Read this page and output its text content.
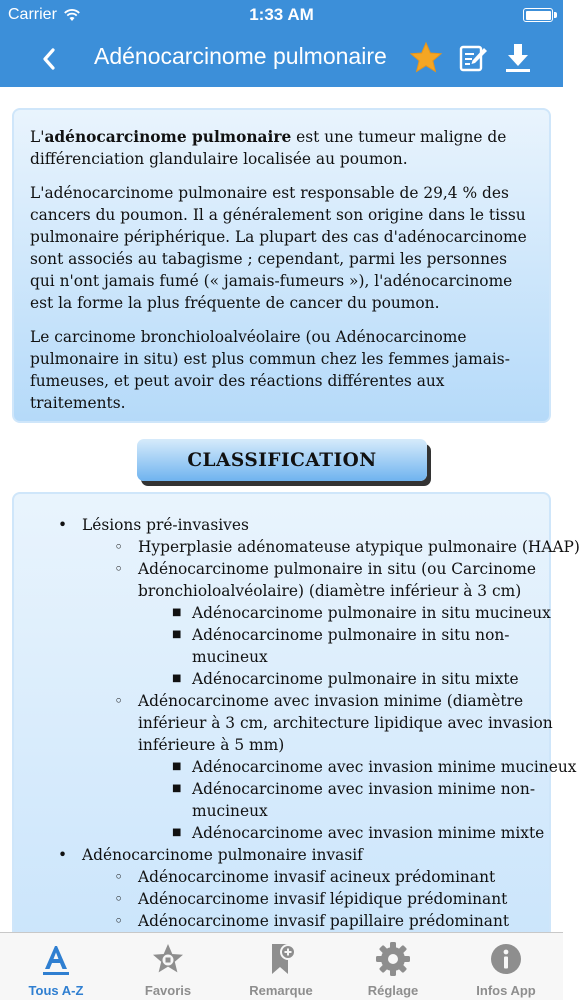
Carrier	1:33 AM
Adénocarcinome pulmonaire

L'adénocarcinome pulmonaire est une tumeur maligne de différenciation glandulaire localisée au poumon.

L'adénocarcinome pulmonaire est responsable de 29,4 % des cancers du poumon. Il a généralement son origine dans le tissu pulmonaire périphérique. La plupart des cas d'adénocarcinome sont associés au tabagisme ; cependant, parmi les personnes qui n'ont jamais fumé (« jamais-fumeurs »), l'adénocarcinome est la forme la plus fréquente de cancer du poumon.

Le carcinome bronchioloalvéolaire (ou Adénocarcinome pulmonaire in situ) est plus commun chez les femmes jamais-fumeuses, et peut avoir des réactions différentes aux traitements.

CLASSIFICATION
• Lésions pré-invasives
◦ Hyperplasie adénomateuse atypique pulmonaire (HAAP)
◦ Adénocarcinome pulmonaire in situ (ou Carcinome
bronchioloalvéolaire) (diamètre inférieur à 3 cm)
■ Adénocarcinome pulmonaire in situ mucineux
■ Adénocarcinome pulmonaire in situ non-
mucineux
■ Adénocarcinome pulmonaire in situ mixte
◦ Adénocarcinome avec invasion minime (diamètre
inférieur à 3 cm, architecture lipidique avec invasion
inférieure à 5 mm)
■ Adénocarcinome avec invasion minime mucineux
■ Adénocarcinome avec invasion minime non-
mucineux
■ Adénocarcinome avec invasion minime mixte
• Adénocarcinome pulmonaire invasif
◦ Adénocarcinome invasif acineux prédominant
◦ Adénocarcinome invasif lépidique prédominant
◦ Adénocarcinome invasif papillaire prédominant
Tous A-Z	Favoris	Remarque	Réglage	Infos App
